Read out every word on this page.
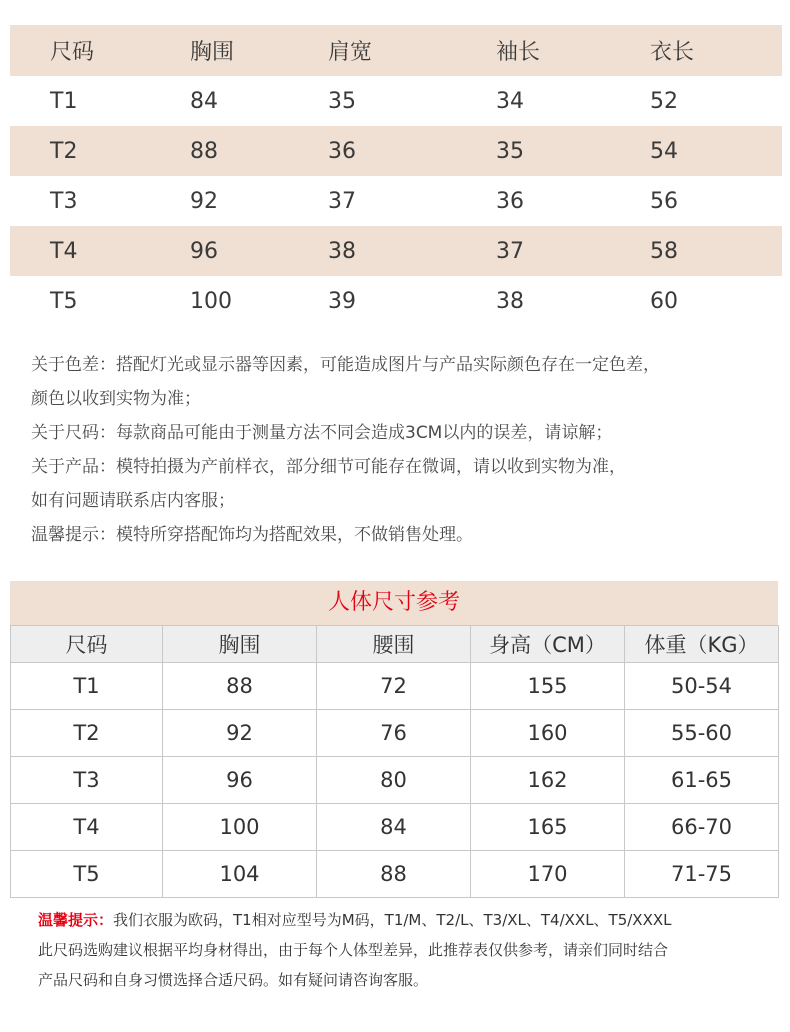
尺码	胸围	肩宽	袖长	衣长
T1	84	35	34	52
T2	88	36	35	54
T3	92	37	36	56
T4	96	38	37	58
T5	100	39	38	60

关于色差：搭配灯光或显示器等因素，可能造成图片与产品实际颜色存在一定色差，

颜色以收到实物为准；

关于尺码：每款商品可能由于测量方法不同会造成3CM以内的误差，请谅解；

关于产品：模特拍摄为产前样衣，部分细节可能存在微调，请以收到实物为准，

如有问题请联系店内客服；

温馨提示：模特所穿搭配饰均为搭配效果，不做销售处理。

人体尺寸参考
尺码	胸围	腰围	身高（CM）	体重（KG）
T1	88	72	155	50-54
T2	92	76	160	55-60
T3	96	80	162	61-65
T4	100	84	165	66-70
T5	104	88	170	71-75

温馨提示：我们衣服为欧码，T1相对应型号为M码，T1/M、T2/L、T3/XL、T4/XXL、T5/XXXL

此尺码选购建议根据平均身材得出，由于每个人体型差异，此推荐表仅供参考，请亲们同时结合

产品尺码和自身习惯选择合适尺码。如有疑问请咨询客服。
